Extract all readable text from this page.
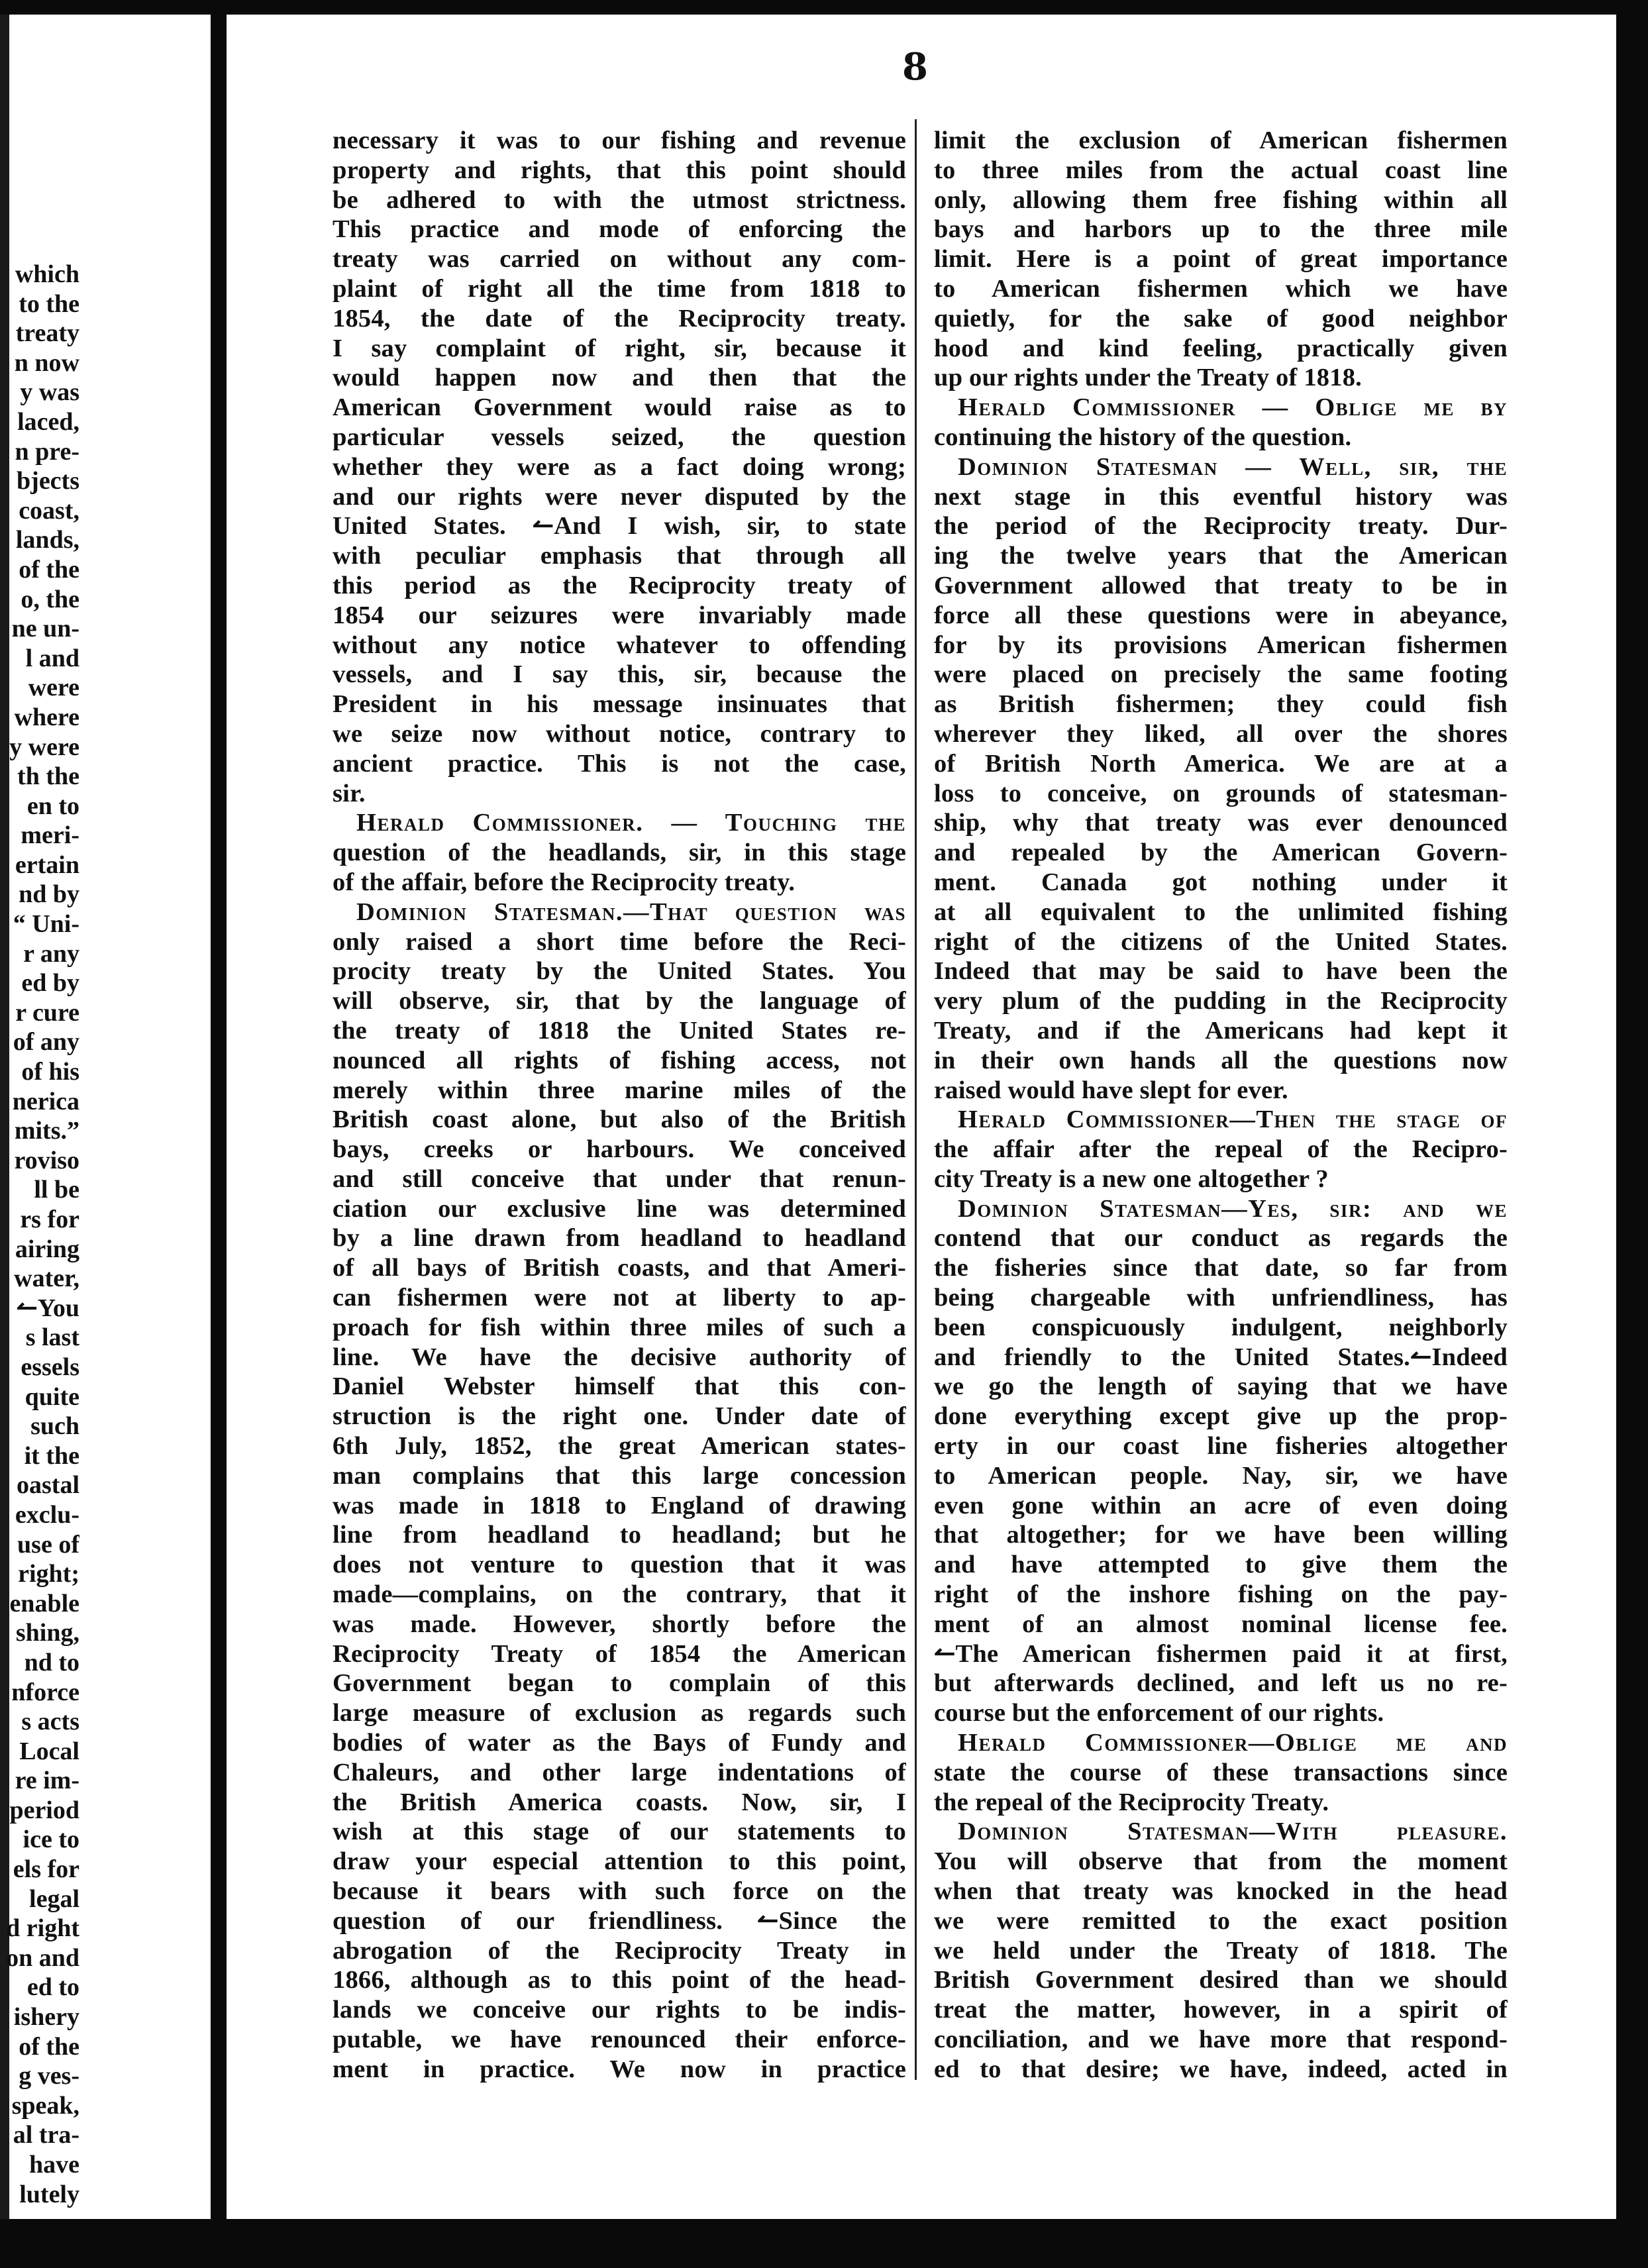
8
which
to the
treaty
n now
y was
laced,
n pre-
bjects
coast,
lands,
of the
o, the
ne un-
l and
were
where
y were
th the
en to
meri-
ertain
nd by
“ Uni-
r any
ed by
r cure
of any
of his
nerica
mits.”
roviso
ll be
rs for
airing
water,
↼You
s last
essels
quite
such
it the
oastal
exclu-
use of
right;
enable
shing,
nd to
nforce
s acts
Local
re im-
period
ice to
els for
legal
d right
on and
ed to
ishery
of the
g ves-
speak,
al tra-
have
lutely
necessary it was to our fishing and revenue
property and rights, that this point should
be adhered to with the utmost strictness.
This practice and mode of enforcing the
treaty was carried on without any com-
plaint of right all the time from 1818 to
1854, the date of the Reciprocity treaty.
I say complaint of right, sir, because it
would happen now and then that the
American Government would raise as to
particular vessels seized, the question
whether they were as a fact doing wrong;
and our rights were never disputed by the
United States. ↼And I wish, sir, to state
with peculiar emphasis that through all
this period as the Reciprocity treaty of
1854 our seizures were invariably made
without any notice whatever to offending
vessels, and I say this, sir, because the
President in his message insinuates that
we seize now without notice, contrary to
ancient practice. This is not the case,
sir.
Herald Commissioner. — Touching the
question of the headlands, sir, in this stage
of the affair, before the Reciprocity treaty.
Dominion Statesman.—That question was
only raised a short time before the Reci-
procity treaty by the United States. You
will observe, sir, that by the language of
the treaty of 1818 the United States re-
nounced all rights of fishing access, not
merely within three marine miles of the
British coast alone, but also of the British
bays, creeks or harbours. We conceived
and still conceive that under that renun-
ciation our exclusive line was determined
by a line drawn from headland to headland
of all bays of British coasts, and that Ameri-
can fishermen were not at liberty to ap-
proach for fish within three miles of such a
line. We have the decisive authority of
Daniel Webster himself that this con-
struction is the right one. Under date of
6th July, 1852, the great American states-
man complains that this large concession
was made in 1818 to England of drawing
line from headland to headland; but he
does not venture to question that it was
made—complains, on the contrary, that it
was made. However, shortly before the
Reciprocity Treaty of 1854 the American
Government began to complain of this
large measure of exclusion as regards such
bodies of water as the Bays of Fundy and
Chaleurs, and other large indentations of
the British America coasts. Now, sir, I
wish at this stage of our statements to
draw your especial attention to this point,
because it bears with such force on the
question of our friendliness. ↼Since the
abrogation of the Reciprocity Treaty in
1866, although as to this point of the head-
lands we conceive our rights to be indis-
putable, we have renounced their enforce-
ment in practice. We now in practice
limit the exclusion of American fishermen
to three miles from the actual coast line
only, allowing them free fishing within all
bays and harbors up to the three mile
limit. Here is a point of great importance
to American fishermen which we have
quietly, for the sake of good neighbor
hood and kind feeling, practically given
up our rights under the Treaty of 1818.
Herald Commissioner — Oblige me by
continuing the history of the question.
Dominion Statesman — Well, sir, the
next stage in this eventful history was
the period of the Reciprocity treaty. Dur-
ing the twelve years that the American
Government allowed that treaty to be in
force all these questions were in abeyance,
for by its provisions American fishermen
were placed on precisely the same footing
as British fishermen; they could fish
wherever they liked, all over the shores
of British North America. We are at a
loss to conceive, on grounds of statesman-
ship, why that treaty was ever denounced
and repealed by the American Govern-
ment. Canada got nothing under it
at all equivalent to the unlimited fishing
right of the citizens of the United States.
Indeed that may be said to have been the
very plum of the pudding in the Reciprocity
Treaty, and if the Americans had kept it
in their own hands all the questions now
raised would have slept for ever.
Herald Commissioner—Then the stage of
the affair after the repeal of the Recipro-
city Treaty is a new one altogether ?
Dominion Statesman—Yes, sir: and we
contend that our conduct as regards the
the fisheries since that date, so far from
being chargeable with unfriendliness, has
been conspicuously indulgent, neighborly
and friendly to the United States.↼Indeed
we go the length of saying that we have
done everything except give up the prop-
erty in our coast line fisheries altogether
to American people. Nay, sir, we have
even gone within an acre of even doing
that altogether; for we have been willing
and have attempted to give them the
right of the inshore fishing on the pay-
ment of an almost nominal license fee.
↼The American fishermen paid it at first,
but afterwards declined, and left us no re-
course but the enforcement of our rights.
Herald Commissioner—Oblige me and
state the course of these transactions since
the repeal of the Reciprocity Treaty.
Dominion Statesman—With pleasure.
You will observe that from the moment
when that treaty was knocked in the head
we were remitted to the exact position
we held under the Treaty of 1818. The
British Government desired than we should
treat the matter, however, in a spirit of
conciliation, and we have more that respond-
ed to that desire; we have, indeed, acted in
